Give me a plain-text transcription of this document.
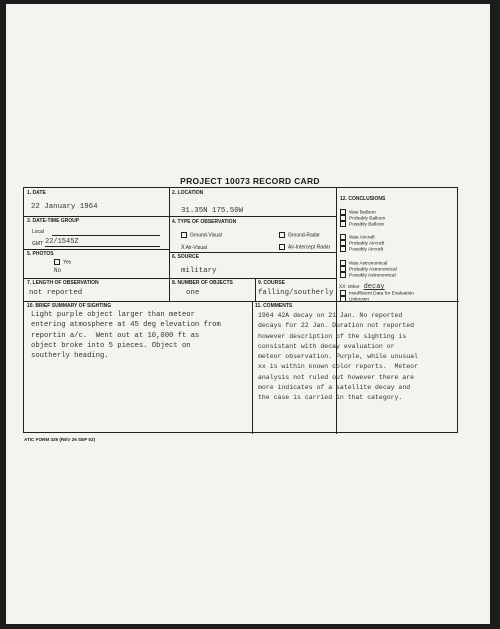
PROJECT 10073 RECORD CARD
1. DATE
22 January 1964
2. LOCATION
31.35N 175.50W
3. DATE-TIME GROUP
Local
GMT 22/1545Z
4. TYPE OF OBSERVATION
Ground-Visual	Ground-Radar
XAir-Visual	Air-Intercept Radar
5. PHOTOS
Yes
No
6. SOURCE
military
7. LENGTH OF OBSERVATION
not reported
8. NUMBER OF OBJECTS
one
9. COURSE
falling/southerly
10. BRIEF SUMMARY OF SIGHTING
Light purple object larger than meteor
entering atmosphere at 45 deg elevation from
reportin a/c.  Went out at 10,000 ft as
object broke into 5 pieces. Object on
southerly heading.
11. COMMENTS
1964 42A decay on 21 Jan. No reported
decays for 22 Jan. Duration not reported
however description of the sighting is
consistant with decay evaluation or
meteor observation. Purple, while unusual
xx is within known color reports.  Meteor
analysis not ruled out however there are
more indicates of a satellite decay and
the case is carried in that category.
12. CONCLUSIONS
Was Balloon
Probably Balloon
Possibly Balloon
Was Aircraft
Probably Aircraft
Possibly Aircraft
Was Astronomical
Probably Astronomical
Possibly Astronomical
XX Other decay
Insufficient Data for Evaluation
Unknown
ATIC FORM 329 (REV 26 SEP 52)
